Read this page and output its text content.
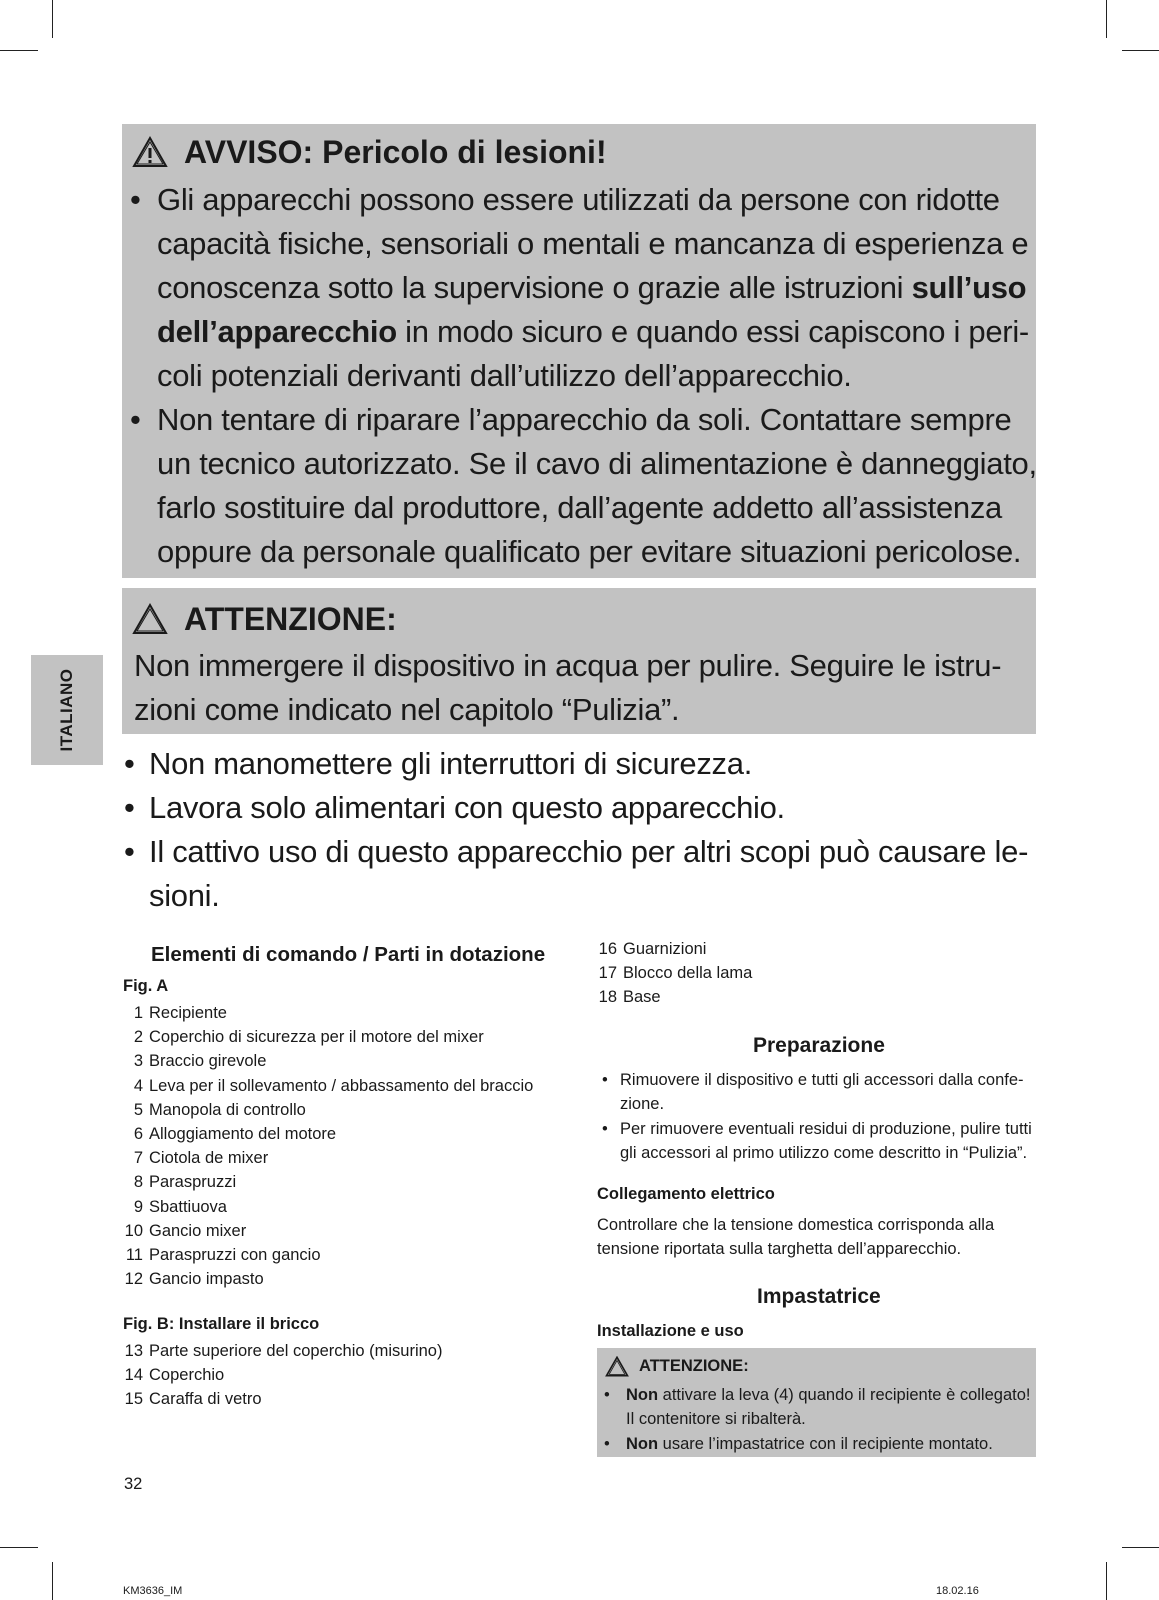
ITALIANO
AVVISO: Pericolo di lesioni!
• Gli apparecchi possono essere utilizzati da persone con ridotte
capacità fisiche, sensoriali o mentali e mancanza di esperienza e
conoscenza sotto la supervisione o grazie alle istruzioni sull’uso
dell’apparecchio in modo sicuro e quando essi capiscono i peri-
coli potenziali derivanti dall’utilizzo dell’apparecchio.
• Non tentare di riparare l’apparecchio da soli. Contattare sempre
un tecnico autorizzato. Se il cavo di alimentazione è danneggiato,
farlo sostituire dal produttore, dall’agente addetto all’assistenza
oppure da personale qualificato per evitare situazioni pericolose.
ATTENZIONE:
Non immergere il dispositivo in acqua per pulire. Seguire le istru-
zioni come indicato nel capitolo “Pulizia”.
• Non manomettere gli interruttori di sicurezza.
• Lavora solo alimentari con questo apparecchio.
• Il cattivo uso di questo apparecchio per altri scopi può causare le-
sioni.
Elementi di comando / Parti in dotazione
Fig. A
1 Recipiente
2 Coperchio di sicurezza per il motore del mixer
3 Braccio girevole
4 Leva per il sollevamento / abbassamento del braccio
5 Manopola di controllo
6 Alloggiamento del motore
7 Ciotola de mixer
8 Paraspruzzi
9 Sbattiuova
10 Gancio mixer
11 Paraspruzzi con gancio
12 Gancio impasto
Fig. B: Installare il bricco
13 Parte superiore del coperchio (misurino)
14 Coperchio
15 Caraffa di vetro
16 Guarnizioni
17 Blocco della lama
18 Base
Preparazione
• Rimuovere il dispositivo e tutti gli accessori dalla confe-
zione.
• Per rimuovere eventuali residui di produzione, pulire tutti
gli accessori al primo utilizzo come descritto in “Pulizia”.
Collegamento elettrico
Controllare che la tensione domestica corrisponda alla
tensione riportata sulla targhetta dell’apparecchio.
Impastatrice
Installazione e uso
ATTENZIONE:
• Non attivare la leva (4) quando il recipiente è collegato!
Il contenitore si ribalterà.
• Non usare l’impastatrice con il recipiente montato.
32
KM3636_IM	18.02.16
